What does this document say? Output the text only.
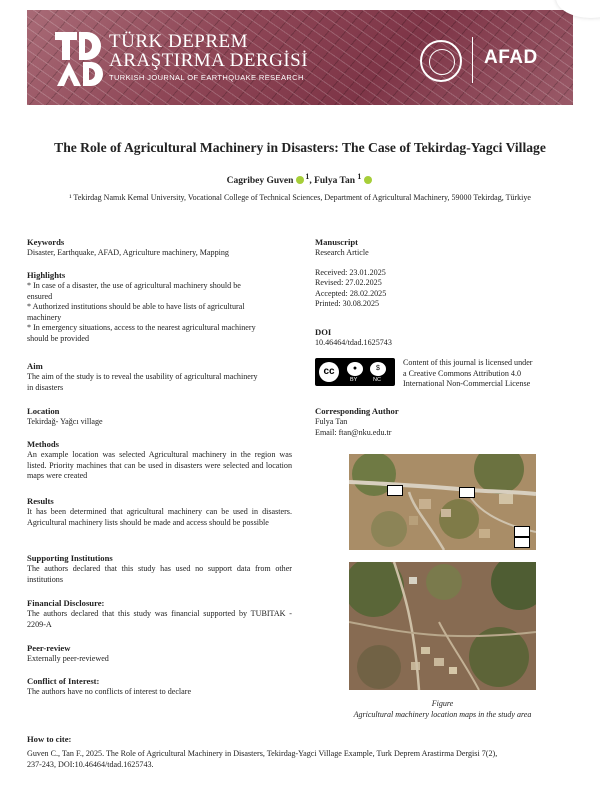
TÜRK DEPREM
ARAŞTIRMA DERGİSİ
TURKISH JOURNAL OF EARTHQUAKE RESEARCH
AFAD
The Role of Agricultural Machinery in Disasters: The Case of Tekirdag-Yagci Village
Cagribey Guven $^1$, Fulya Tan $^1$
¹ Tekirdag Namık Kemal University, Vocational College of Technical Sciences, Department of Agricultural Machinery, 59000 Tekirdag, Türkiye
Keywords
Disaster, Earthquake, AFAD, Agriculture machinery, Mapping
Highlights
* In case of a disaster, the use of agricultural machinery should be
ensured
* Authorized institutions should be able to have lists of agricultural
machinery
* In emergency situations, access to the nearest agricultural machinery
should be provided
Aim
The aim of the study is to reveal the usability of agricultural machinery
in disasters
Location
Tekirdağ- Yağcı village
Methods
An example location was selected Agricultural machinery in the region was listed. Priority machines that can be used in disasters were selected and location maps were created
Results
It has been determined that agricultural machinery can be used in disasters. Agricultural machinery lists should be made and access should be possible
Supporting Institutions
The authors declared that this study has used no support data from other institutions
Financial Disclosure:
The authors declared that this study was financial supported by TUBITAK - 2209-A
Peer-review
Externally peer-reviewed
Conflict of Interest:
The authors have no conflicts of interest to declare
Manuscript
Research Article
Received: 23.01.2025
Revised: 27.02.2025
Accepted: 28.02.2025
Printed: 30.08.2025
DOI
10.46464/tdad.1625743
cc	●	$
BY	NC
Content of this journal is licensed under
a Creative Commons Attribution 4.0
International Non-Commercial License
Corresponding Author
Fulya Tan
Email: ftan@nku.edu.tr
Figure
Agricultural machinery location maps in the study area
How to cite:
Guven C., Tan F., 2025. The Role of Agricultural Machinery in Disasters, Tekirdag-Yagci Village Example, Turk Deprem Arastirma Dergisi 7(2),
237-243, DOI:10.46464/tdad.1625743.
